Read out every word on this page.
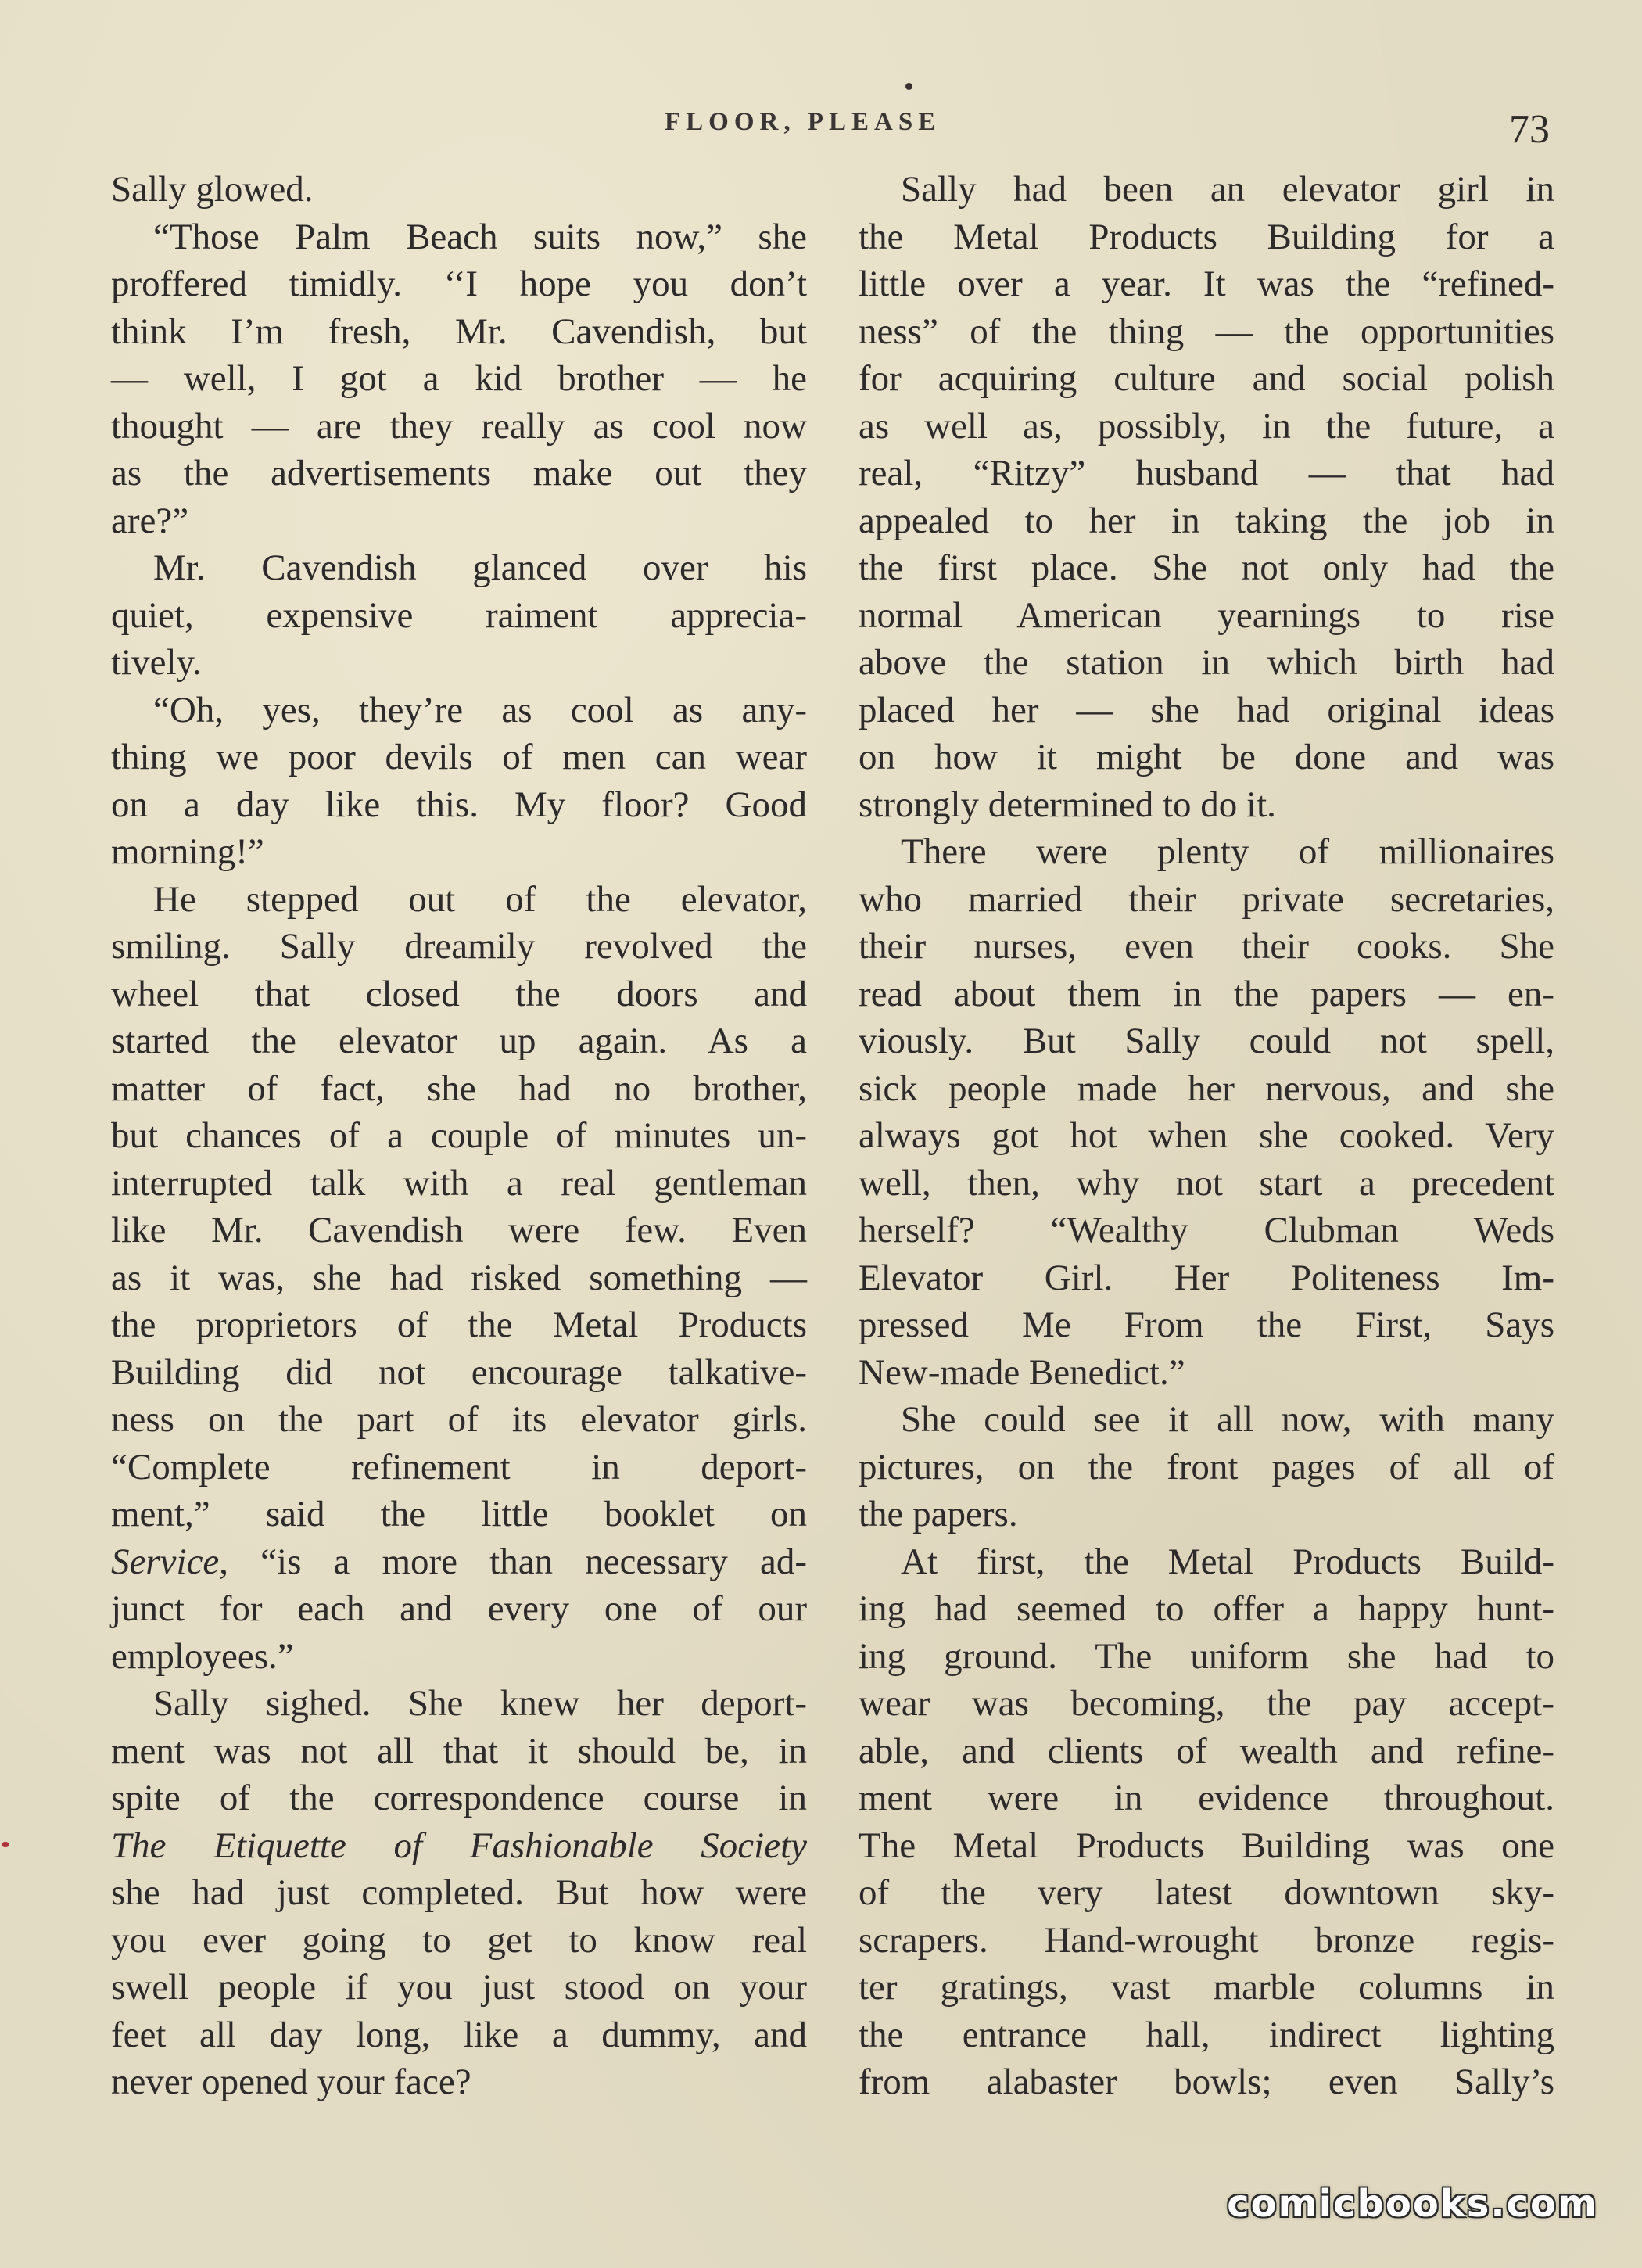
FLOOR, PLEASE	73
Sally glowed.
“Those Palm Beach suits now,” she
proffered timidly. ‘‘I hope you don’t
think I’m fresh, Mr. Cavendish, but
— well, I got a kid brother — he
thought — are they really as cool now
as the advertisements make out they
are?”
Mr. Cavendish glanced over his
quiet, expensive raiment apprecia-
tively.
“Oh, yes, they’re as cool as any-
thing we poor devils of men can wear
on a day like this. My floor? Good
morning!”
He stepped out of the elevator,
smiling. Sally dreamily revolved the
wheel that closed the doors and
started the elevator up again. As a
matter of fact, she had no brother,
but chances of a couple of minutes un-
interrupted talk with a real gentleman
like Mr. Cavendish were few. Even
as it was, she had risked something —
the proprietors of the Metal Products
Building did not encourage talkative-
ness on the part of its elevator girls.
“Complete refinement in deport-
ment,” said the little booklet on
Service, “is a more than necessary ad-
junct for each and every one of our
employees.”
Sally sighed. She knew her deport-
ment was not all that it should be, in
spite of the correspondence course in
The Etiquette of Fashionable Society
she had just completed. But how were
you ever going to get to know real
swell people if you just stood on your
feet all day long, like a dummy, and
never opened your face?
Sally had been an elevator girl in
the Metal Products Building for a
little over a year. It was the “refined-
ness” of the thing — the opportunities
for acquiring culture and social polish
as well as, possibly, in the future, a
real, “Ritzy” husband — that had
appealed to her in taking the job in
the first place. She not only had the
normal American yearnings to rise
above the station in which birth had
placed her — she had original ideas
on how it might be done and was
strongly determined to do it.
There were plenty of millionaires
who married their private secretaries,
their nurses, even their cooks. She
read about them in the papers — en-
viously. But Sally could not spell,
sick people made her nervous, and she
always got hot when she cooked. Very
well, then, why not start a precedent
herself? “Wealthy Clubman Weds
Elevator Girl. Her Politeness Im-
pressed Me From the First, Says
New-made Benedict.”
She could see it all now, with many
pictures, on the front pages of all of
the papers.
At first, the Metal Products Build-
ing had seemed to offer a happy hunt-
ing ground. The uniform she had to
wear was becoming, the pay accept-
able, and clients of wealth and refine-
ment were in evidence throughout.
The Metal Products Building was one
of the very latest downtown sky-
scrapers. Hand-wrought bronze regis-
ter gratings, vast marble columns in
the entrance hall, indirect lighting
from alabaster bowls; even Sally’s
comicbooks.com
